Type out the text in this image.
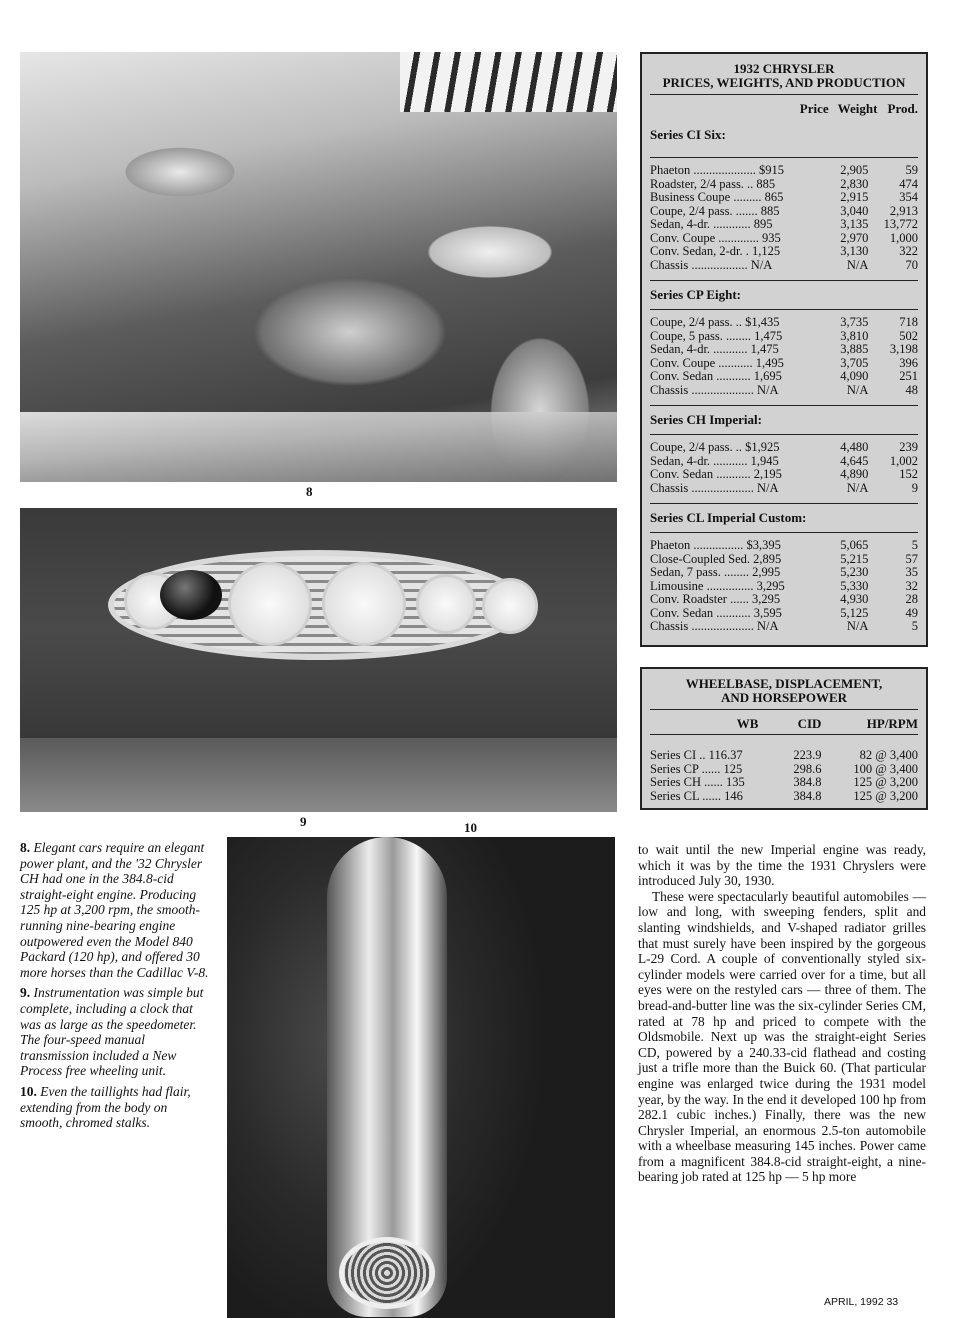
8
9	10
1932 CHRYSLER
PRICES, WEIGHTS, AND PRODUCTION
Price Weight Prod.
Series CI Six:
Phaeton .................... $915	2,905	59
Roadster, 2/4 pass. .. 885	2,830	474
Business Coupe ......... 865	2,915	354
Coupe, 2/4 pass. ....... 885	3,040	2,913
Sedan, 4-dr. ............ 895	3,135	13,772
Conv. Coupe ............. 935	2,970	1,000
Conv. Sedan, 2-dr. . 1,125	3,130	322
Chassis .................. N/A	N/A	70
Series CP Eight:
Coupe, 2/4 pass. .. $1,435	3,735	718
Coupe, 5 pass. ........ 1,475	3,810	502
Sedan, 4-dr. ........... 1,475	3,885	3,198
Conv. Coupe ........... 1,495	3,705	396
Conv. Sedan ........... 1,695	4,090	251
Chassis .................... N/A	N/A	48
Series CH Imperial:
Coupe, 2/4 pass. .. $1,925	4,480	239
Sedan, 4-dr. ........... 1,945	4,645	1,002
Conv. Sedan ........... 2,195	4,890	152
Chassis .................... N/A	N/A	9
Series CL Imperial Custom:
Phaeton ................ $3,395	5,065	5
Close-Coupled Sed. 2,895	5,215	57
Sedan, 7 pass. ........ 2,995	5,230	35
Limousine ............... 3,295	5,330	32
Conv. Roadster ...... 3,295	4,930	28
Conv. Sedan ........... 3,595	5,125	49
Chassis .................... N/A	N/A	5
WHEELBASE, DISPLACEMENT,
AND HORSEPOWER
WB	CID	HP/RPM
Series CI .. 116.37	223.9	82 @ 3,400
Series CP ...... 125	298.6	100 @ 3,400
Series CH ...... 135	384.8	125 @ 3,200
Series CL ...... 146	384.8	125 @ 3,200

8. Elegant cars require an elegant power plant, and the '32 Chrysler CH had one in the 384.8-cid straight-eight engine. Producing 125 hp at 3,200 rpm, the smooth-running nine-bearing engine outpowered even the Model 840 Packard (120 hp), and offered 30 more horses than the Cadillac V-8.

9. Instrumentation was simple but complete, including a clock that was as large as the speedometer. The four-speed manual transmission included a New Process free wheeling unit.

10. Even the taillights had flair, extending from the body on smooth, chromed stalks.

to wait until the new Imperial engine was ready, which it was by the time the 1931 Chryslers were introduced July 30, 1930.

These were spectacularly beautiful automobiles — low and long, with sweeping fenders, split and slanting windshields, and V-shaped radiator grilles that must surely have been inspired by the gorgeous L-29 Cord. A couple of conventionally styled six-cylinder models were carried over for a time, but all eyes were on the restyled cars — three of them. The bread-and-butter line was the six-cylinder Series CM, rated at 78 hp and priced to compete with the Oldsmobile. Next up was the straight-eight Series CD, powered by a 240.33-cid flathead and costing just a trifle more than the Buick 60. (That particular engine was enlarged twice during the 1931 model year, by the way. In the end it developed 100 hp from 282.1 cubic inches.) Finally, there was the new Chrysler Imperial, an enormous 2.5-ton automobile with a wheelbase measuring 145 inches. Power came from a magnificent 384.8-cid straight-eight, a nine-bearing job rated at 125 hp — 5 hp more

APRIL, 1992 33
